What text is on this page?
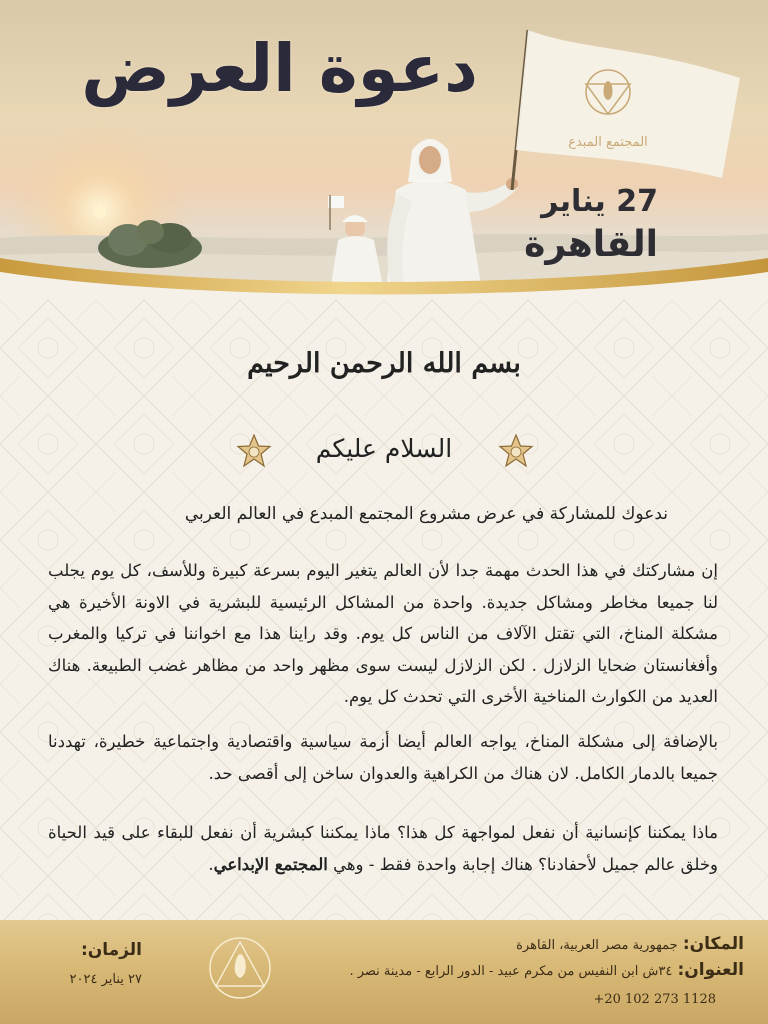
المجتمع المبدع
دعوة العرض
27 يناير
القاهرة
بسم الله الرحمن الرحيم
السلام عليكم
ندعوك للمشاركة في عرض مشروع المجتمع المبدع في العالم العربي

إن مشاركتك في هذا الحدث مهمة جدا لأن العالم يتغير اليوم بسرعة كبيرة وللأسف، كل يوم يجلب لنا جميعا مخاطر ومشاكل جديدة. واحدة من المشاكل الرئيسية للبشرية في الاونة الأخيرة هي مشكلة المناخ، التي تقتل الآلاف من الناس كل يوم. وقد راينا هذا مع اخواننا في تركيا والمغرب وأفغانستان ضحايا الزلازل . لكن الزلازل ليست سوى مظهر واحد من مظاهر غضب الطبيعة. هناك العديد من الكوارث المناخية الأخرى التي تحدث كل يوم.

بالإضافة إلى مشكلة المناخ، يواجه العالم أيضا أزمة سياسية واقتصادية واجتماعية خطيرة، تهددنا جميعا بالدمار الكامل. لان هناك من الكراهية والعدوان ساخن إلى أقصى حد.

ماذا يمكننا كإنسانية أن نفعل لمواجهة كل هذا؟ ماذا يمكننا كبشرية أن نفعل للبقاء على قيد الحياة وخلق عالم جميل لأحفادنا؟ هناك إجابة واحدة فقط - وهي المجتمع الإبداعي.

المكان: جمهورية مصر العربية، القاهرة
العنوان: ٣٤ش ابن النفيس من مكرم عبيد - الدور الرابع - مدينة نصر .
+20 102 273 1128
الزمان:
٢٧ يناير ٢٠٢٤
